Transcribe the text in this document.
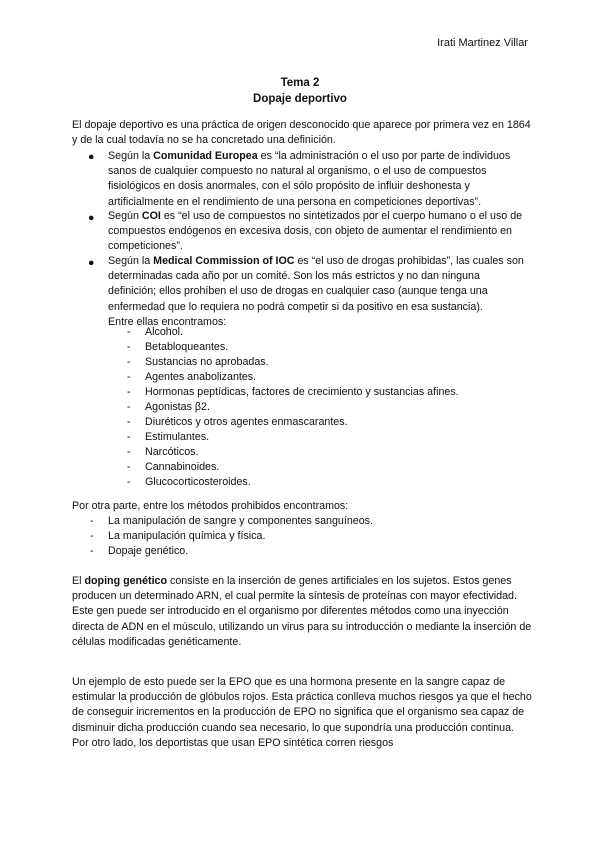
Irati Martinez Villar
Tema 2
Dopaje deportivo

El dopaje deportivo es una práctica de origen desconocido que aparece por primera vez en 1864 y de la cual todavía no se ha concretado una definición.

● Según la Comunidad Europea es “la administración o el uso por parte de individuos sanos de cualquier compuesto no natural al organismo, o el uso de compuestos fisiológicos en dosis anormales, con el sólo propósito de influir deshonesta y artificialmente en el rendimiento de una persona en competiciones deportivas”.
● Según COI es “el uso de compuestos no sintetizados por el cuerpo humano o el uso de compuestos endógenos en excesiva dosis, con objeto de aumentar el rendimiento en competiciones”.
● Según la Medical Commission of IOC es “el uso de drogas prohibidas”, las cuales son determinadas cada año por un comité. Son los más estrictos y no dan ninguna definición; ellos prohíben el uso de drogas en cualquier caso (aunque tenga una enfermedad que lo requiera no podrá competir si da positivo en esa sustancia).
Entre ellas encontramos:
- Alcohol.
- Betabloqueantes.
- Sustancias no aprobadas.
- Agentes anabolizantes.
- Hormonas peptídicas, factores de crecimiento y sustancias afines.
- Agonistas β2.
- Diuréticos y otros agentes enmascarantes.
- Estimulantes.
- Narcóticos.
- Cannabinoides.
- Glucocorticosteroides.
Por otra parte, entre los métodos prohibidos encontramos:
- La manipulación de sangre y componentes sanguíneos.
- La manipulación química y física.
- Dopaje genético.

El doping genético consiste en la inserción de genes artificiales en los sujetos. Estos genes producen un determinado ARN, el cual permite la síntesis de proteínas con mayor efectividad.

Este gen puede ser introducido en el organismo por diferentes métodos como una inyección directa de ADN en el músculo, utilizando un virus para su introducción o mediante la inserción de células modificadas genéticamente.

Un ejemplo de esto puede ser la EPO que es una hormona presente en la sangre capaz de estimular la producción de glóbulos rojos. Esta práctica conlleva muchos riesgos ya que el hecho de conseguir incrementos en la producción de EPO no significa que el organismo sea capaz de disminuir dicha producción cuando sea necesario, lo que supondría una producción continua. Por otro lado, los deportistas que usan EPO sintética corren riesgos
